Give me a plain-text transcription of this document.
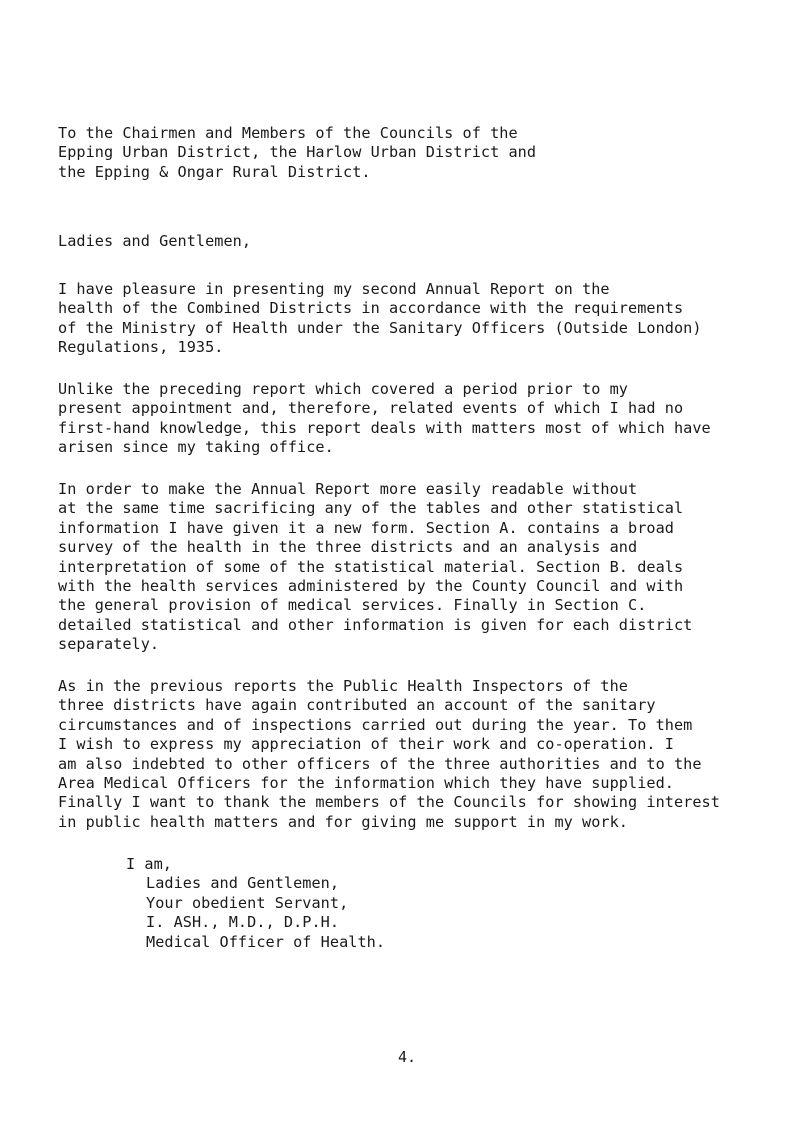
To the Chairmen and Members of the Councils of the
Epping Urban District, the Harlow Urban District and
the Epping & Ongar Rural District.
Ladies and Gentlemen,
I have pleasure in presenting my second Annual Report on the
health of the Combined Districts in accordance with the requirements
of the Ministry of Health under the Sanitary Officers (Outside London)
Regulations, 1935.
Unlike the preceding report which covered a period prior to my
present appointment and, therefore, related events of which I had no
first-hand knowledge, this report deals with matters most of which have
arisen since my taking office.
In order to make the Annual Report more easily readable without
at the same time sacrificing any of the tables and other statistical
information I have given it a new form. Section A. contains a broad
survey of the health in the three districts and an analysis and
interpretation of some of the statistical material. Section B. deals
with the health services administered by the County Council and with
the general provision of medical services. Finally in Section C.
detailed statistical and other information is given for each district
separately.
As in the previous reports the Public Health Inspectors of the
three districts have again contributed an account of the sanitary
circumstances and of inspections carried out during the year. To them
I wish to express my appreciation of their work and co-operation. I
am also indebted to other officers of the three authorities and to the
Area Medical Officers for the information which they have supplied.
Finally I want to thank the members of the Councils for showing interest
in public health matters and for giving me support in my work.
I am,
Ladies and Gentlemen,
Your obedient Servant,
I. ASH., M.D., D.P.H.
Medical Officer of Health.
4.
